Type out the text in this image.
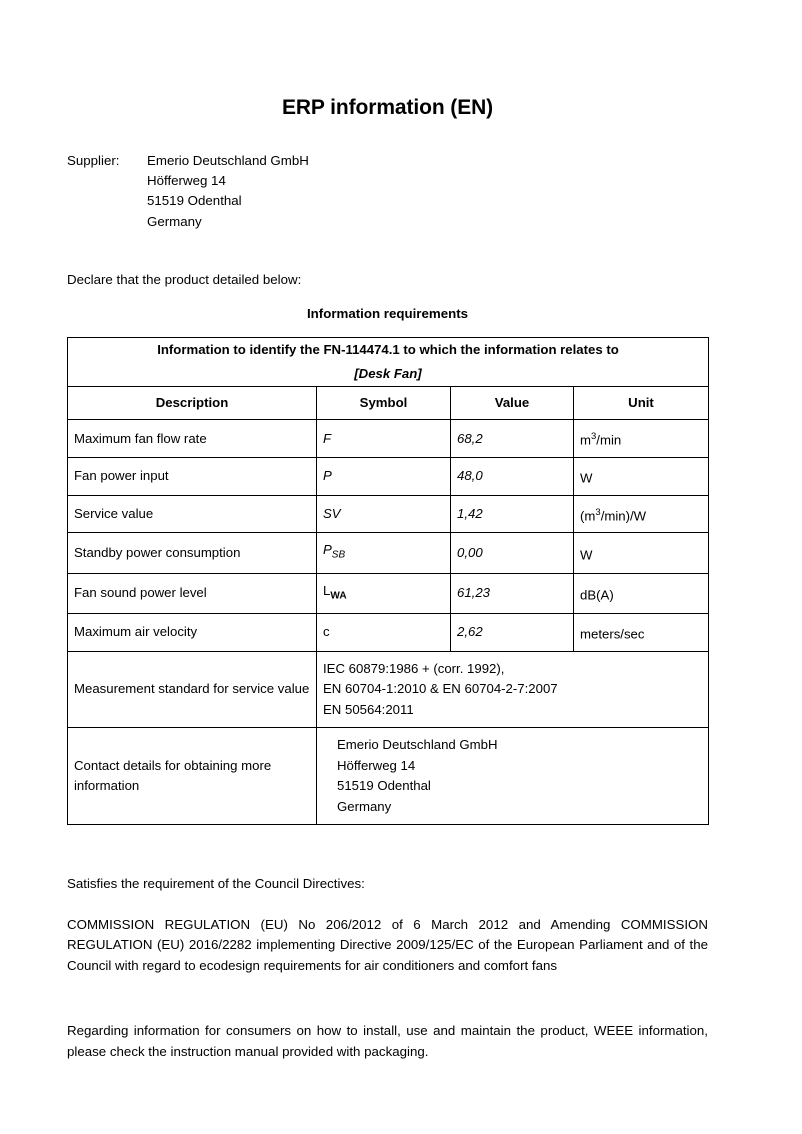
ERP information (EN)
Supplier:	Emerio Deutschland GmbH
Höfferweg 14
51519 Odenthal
Germany
Declare that the product detailed below:
Information requirements
Information to identify the FN-114474.1 to which the information relates to
[Desk Fan]			

Description	Symbol	Value	Unit

Maximum fan flow rate	F	68,2	$m^3/\min$

Fan power input	P	48,0	W

Service value	SV	1,42	$(m^3/\min)/W$

Standby power consumption	$P_{SB}$	0,00	W

Fan sound power level	$L_{WA}$	61,23	dB(A)

Maximum air velocity	c	2,62	meters/sec

Measurement standard for service value	IEC 60879:1986 + (corr. 1992),
EN 60704-1:2010 & EN 60704-2-7:2007
EN 50564:2011		

Contact details for obtaining more information	Emerio Deutschland GmbH
Höfferweg 14
51519 Odenthal
Germany		
Satisfies the requirement of the Council Directives:
COMMISSION REGULATION (EU) No 206/2012 of 6 March 2012 and Amending COMMISSION REGULATION (EU) 2016/2282 implementing Directive 2009/125/EC of the European Parliament and of the Council with regard to ecodesign requirements for air conditioners and comfort fans
Regarding information for consumers on how to install, use and maintain the product, WEEE information, please check the instruction manual provided with packaging.
